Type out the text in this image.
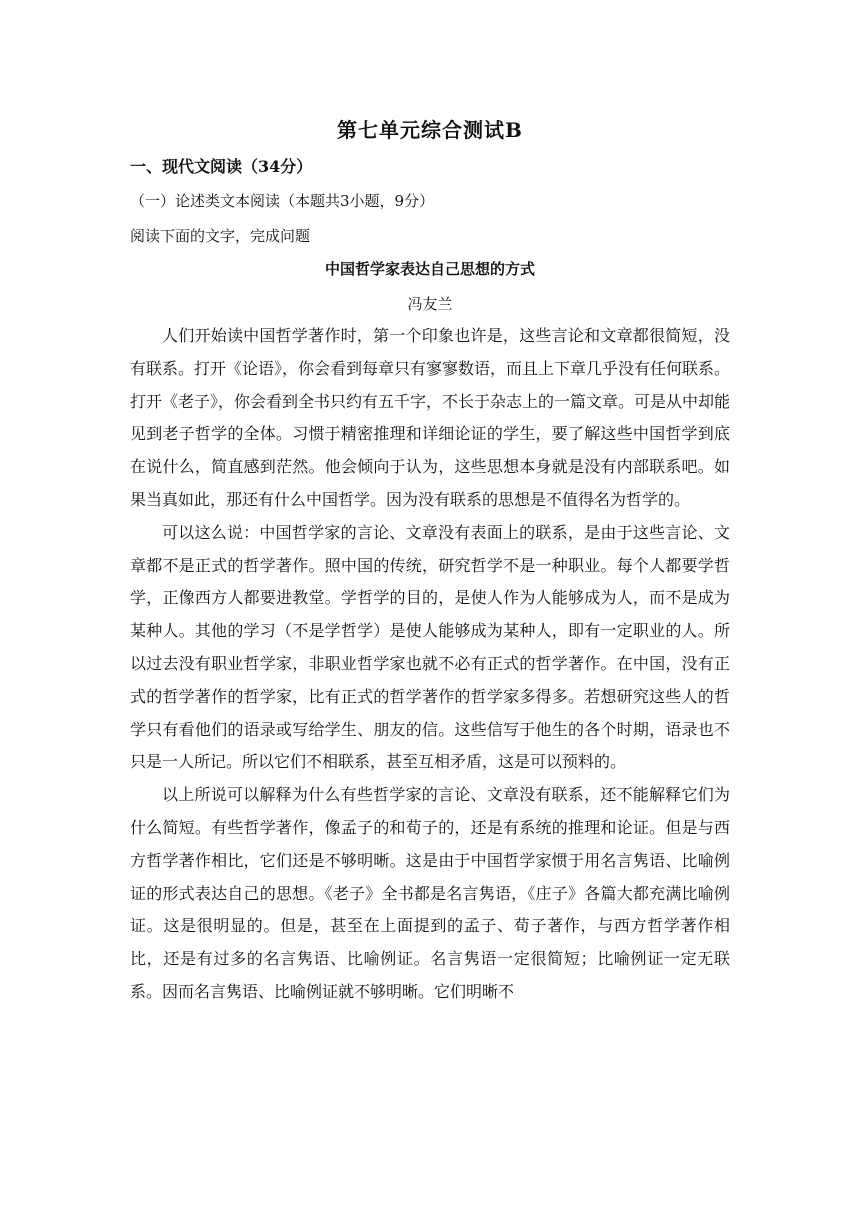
第七单元综合测试B
一、现代文阅读（34分）
（一）论述类文本阅读（本题共3小题，9分）
阅读下面的文字，完成问题
中国哲学家表达自己思想的方式
冯友兰

人们开始读中国哲学著作时，第一个印象也许是，这些言论和文章都很简短，没有联系。打开《论语》，你会看到每章只有寥寥数语，而且上下章几乎没有任何联系。打开《老子》，你会看到全书只约有五千字，不长于杂志上的一篇文章。可是从中却能见到老子哲学的全体。习惯于精密推理和详细论证的学生，要了解这些中国哲学到底在说什么，简直感到茫然。他会倾向于认为，这些思想本身就是没有内部联系吧。如果当真如此，那还有什么中国哲学。因为没有联系的思想是不值得名为哲学的。

可以这么说：中国哲学家的言论、文章没有表面上的联系，是由于这些言论、文章都不是正式的哲学著作。照中国的传统，研究哲学不是一种职业。每个人都要学哲学，正像西方人都要进教堂。学哲学的目的，是使人作为人能够成为人，而不是成为某种人。其他的学习（不是学哲学）是使人能够成为某种人，即有一定职业的人。所以过去没有职业哲学家，非职业哲学家也就不必有正式的哲学著作。在中国，没有正式的哲学著作的哲学家，比有正式的哲学著作的哲学家多得多。若想研究这些人的哲学只有看他们的语录或写给学生、朋友的信。这些信写于他生的各个时期，语录也不只是一人所记。所以它们不相联系，甚至互相矛盾，这是可以预料的。

以上所说可以解释为什么有些哲学家的言论、文章没有联系，还不能解释它们为什么简短。有些哲学著作，像孟子的和荀子的，还是有系统的推理和论证。但是与西方哲学著作相比，它们还是不够明晰。这是由于中国哲学家惯于用名言隽语、比喻例证的形式表达自己的思想。《老子》全书都是名言隽语，《庄子》各篇大都充满比喻例证。这是很明显的。但是，甚至在上面提到的孟子、荀子著作，与西方哲学著作相比，还是有过多的名言隽语、比喻例证。名言隽语一定很简短；比喻例证一定无联系。因而名言隽语、比喻例证就不够明晰。它们明晰不
